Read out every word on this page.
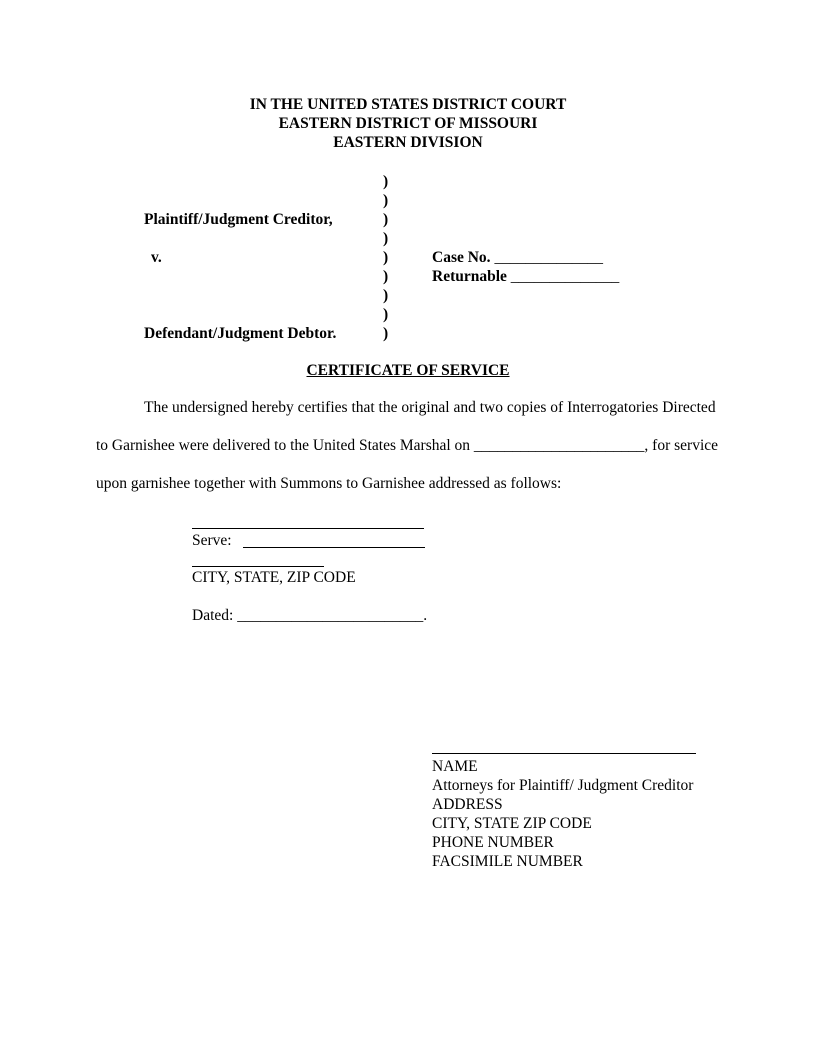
IN THE UNITED STATES DISTRICT COURT
EASTERN DISTRICT OF MISSOURI
EASTERN DIVISION
)
)
)
)
)
)
)
)
)
Plaintiff/Judgment Creditor,
v.
Defendant/Judgment Debtor.
Case No. ______________
Returnable ______________
CERTIFICATE OF SERVICE
The undersigned hereby certifies that the original and two copies of Interrogatories Directed
to Garnishee were delivered to the United States Marshal on ______________________, for service
upon garnishee together with Summons to Garnishee addressed as follows:
Serve:
CITY, STATE, ZIP CODE
Dated: ________________________.
NAME
Attorneys for Plaintiff/ Judgment Creditor
ADDRESS
CITY, STATE ZIP CODE
PHONE NUMBER
FACSIMILE NUMBER
